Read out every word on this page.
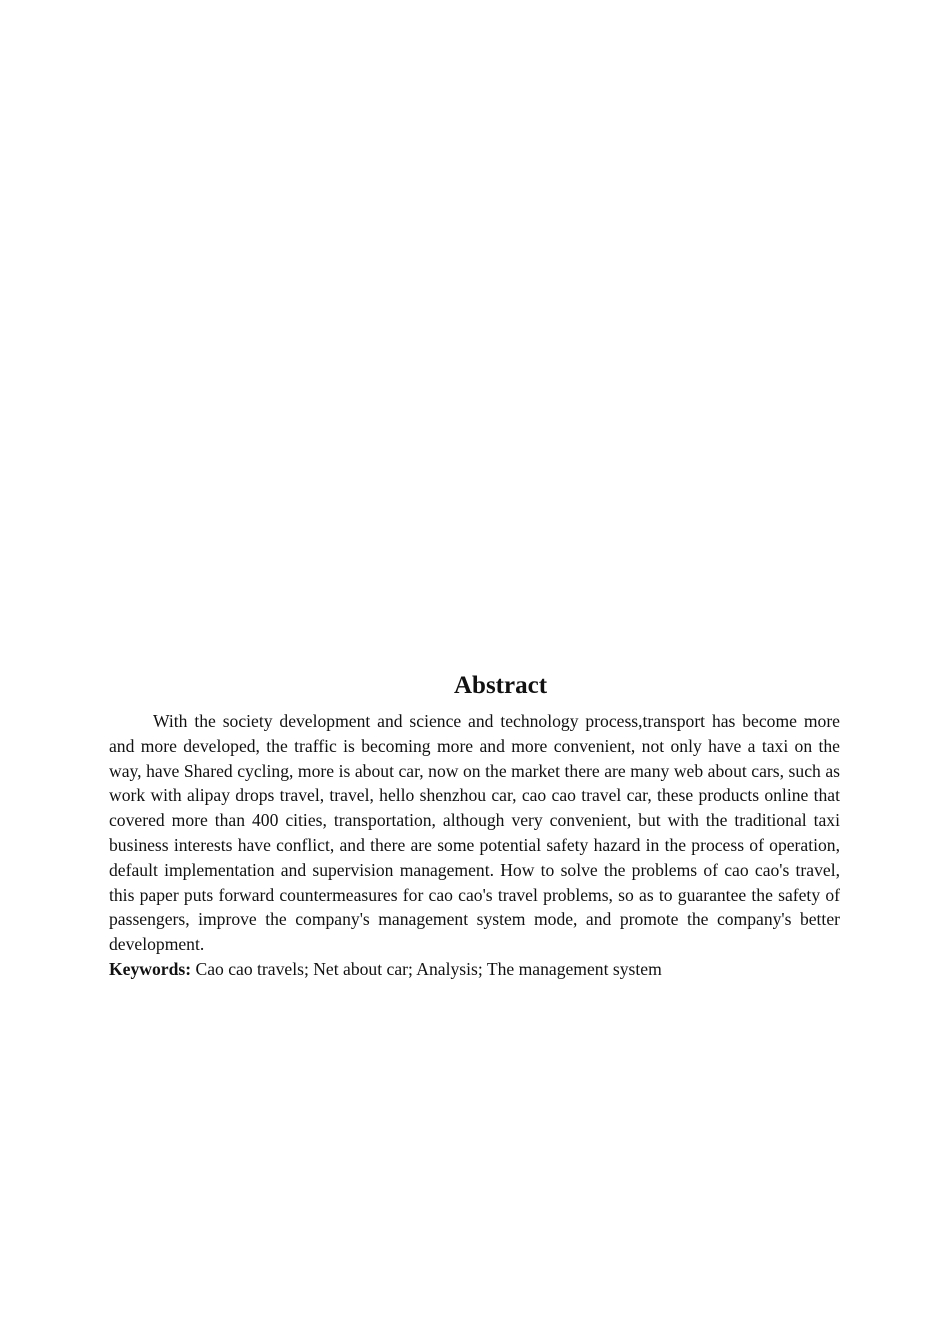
Abstract

With the society development and science and technology process,transport has become more and more developed, the traffic is becoming more and more convenient, not only have a taxi on the way, have Shared cycling, more is about car, now on the market there are many web about cars, such as work with alipay drops travel, travel, hello shenzhou car, cao cao travel car, these products online that covered more than 400 cities, transportation, although very convenient, but with the traditional taxi business interests have conflict, and there are some potential safety hazard in the process of operation, default implementation and supervision management. How to solve the problems of cao cao's travel, this paper puts forward countermeasures for cao cao's travel problems, so as to guarantee the safety of passengers, improve the company's management system mode, and promote the company's better development.

Keywords: Cao cao travels; Net about car; Analysis; The management system
